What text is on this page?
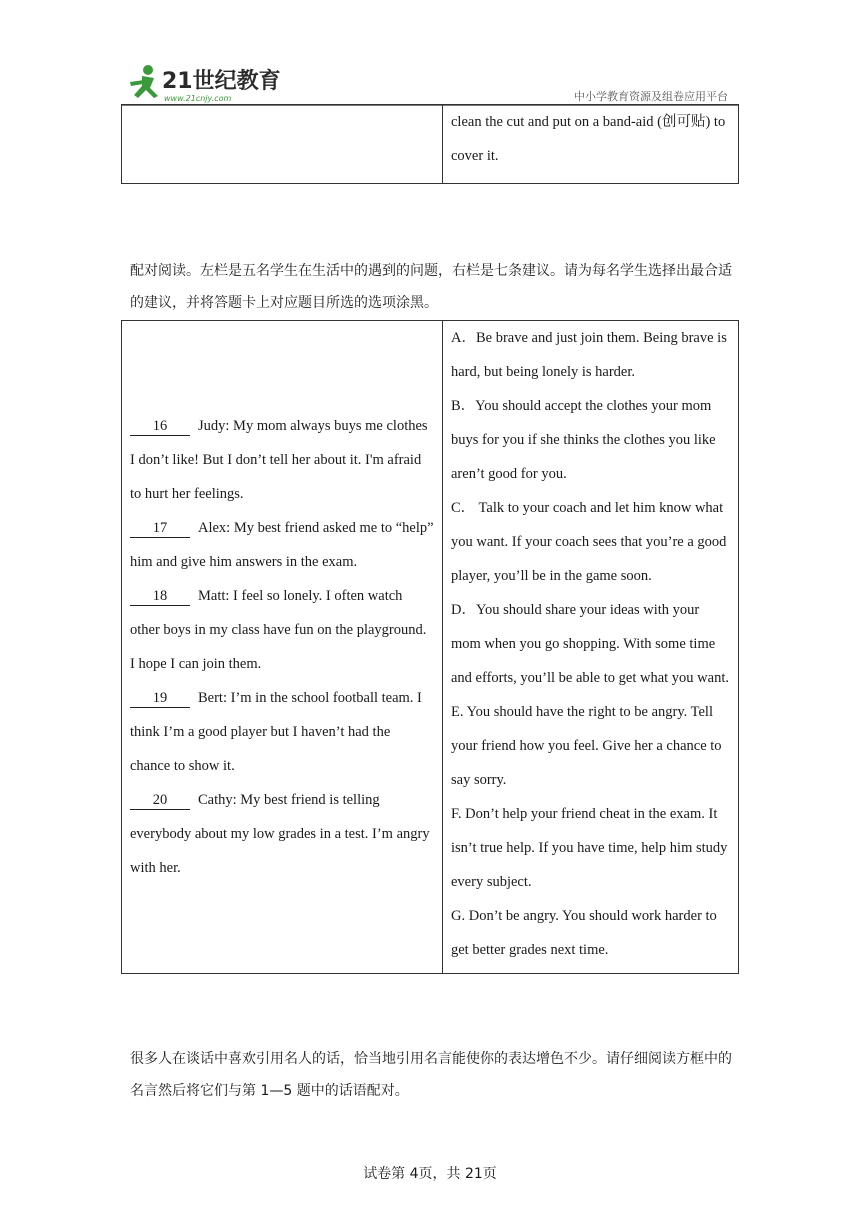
21世纪教育
www.21cnjy.com	中小学教育资源及组卷应用平台
	clean the cut and put on a band-aid (创可贴) to cover it.
配对阅读。左栏是五名学生在生活中的遇到的问题，右栏是七条建议。请为每名学生选择出最合适的建议，并将答题卡上对应题目所选的选项涂黑。
16 Judy: My mom always buys me clothes I don’t like! But I don’t tell her about it. I'm afraid to hurt her feelings.
17 Alex: My best friend asked me to “help” him and give him answers in the exam.
18 Matt: I feel so lonely. I often watch other boys in my class have fun on the playground. I hope I can join them.
19 Bert: I’m in the school football team. I think I’m a good player but I haven’t had the chance to show it.
20 Cathy: My best friend is telling everybody about my low grades in a test. I’m angry with her.

A．Be brave and just join them. Being brave is hard, but being lonely is harder.
B．You should accept the clothes your mom buys for you if she thinks the clothes you like aren’t good for you.
C． Talk to your coach and let him know what you want. If your coach sees that you’re a good player, you’ll be in the game soon.
D．You should share your ideas with your mom when you go shopping. With some time and efforts, you’ll be able to get what you want.
E. You should have the right to be angry. Tell your friend how you feel. Give her a chance to say sorry.
F. Don’t help your friend cheat in the exam. It isn’t true help. If you have time, help him study every subject.
G. Don’t be angry. You should work harder to get better grades next time.
很多人在谈话中喜欢引用名人的话，恰当地引用名言能使你的表达增色不少。请仔细阅读方框中的名言然后将它们与第 1—5 题中的话语配对。
试卷第 4页，共 21页
